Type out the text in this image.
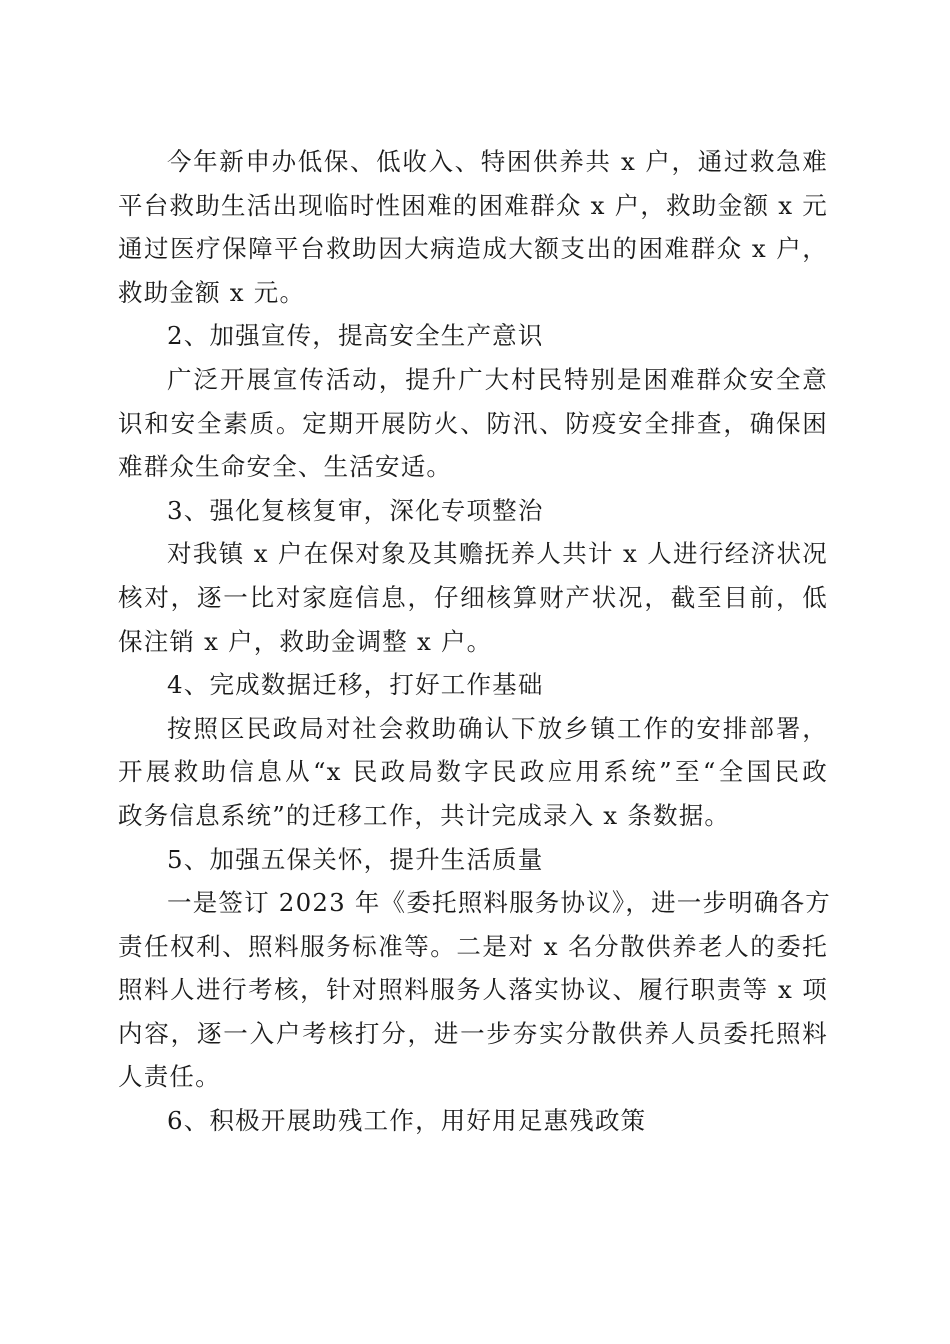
今年新申办低保、低收入、特困供养共 x 户，通过救急难
平台救助生活出现临时性困难的困难群众 x 户，救助金额 x 元
通过医疗保障平台救助因大病造成大额支出的困难群众 x 户，
救助金额 x 元。
2、加强宣传，提高安全生产意识
广泛开展宣传活动，提升广大村民特别是困难群众安全意
识和安全素质。定期开展防火、防汛、防疫安全排查，确保困
难群众生命安全、生活安适。
3、强化复核复审，深化专项整治
对我镇 x 户在保对象及其赡抚养人共计 x 人进行经济状况
核对，逐一比对家庭信息，仔细核算财产状况，截至目前，低
保注销 x 户，救助金调整 x 户。
4、完成数据迁移，打好工作基础
按照区民政局对社会救助确认下放乡镇工作的安排部署，
开展救助信息从“x 民政局数字民政应用系统”至“全国民政
政务信息系统”的迁移工作，共计完成录入 x 条数据。
5、加强五保关怀，提升生活质量
一是签订 2023 年《委托照料服务协议》，进一步明确各方
责任权利、照料服务标准等。二是对 x 名分散供养老人的委托
照料人进行考核，针对照料服务人落实协议、履行职责等 x 项
内容，逐一入户考核打分，进一步夯实分散供养人员委托照料
人责任。
6、积极开展助残工作，用好用足惠残政策
